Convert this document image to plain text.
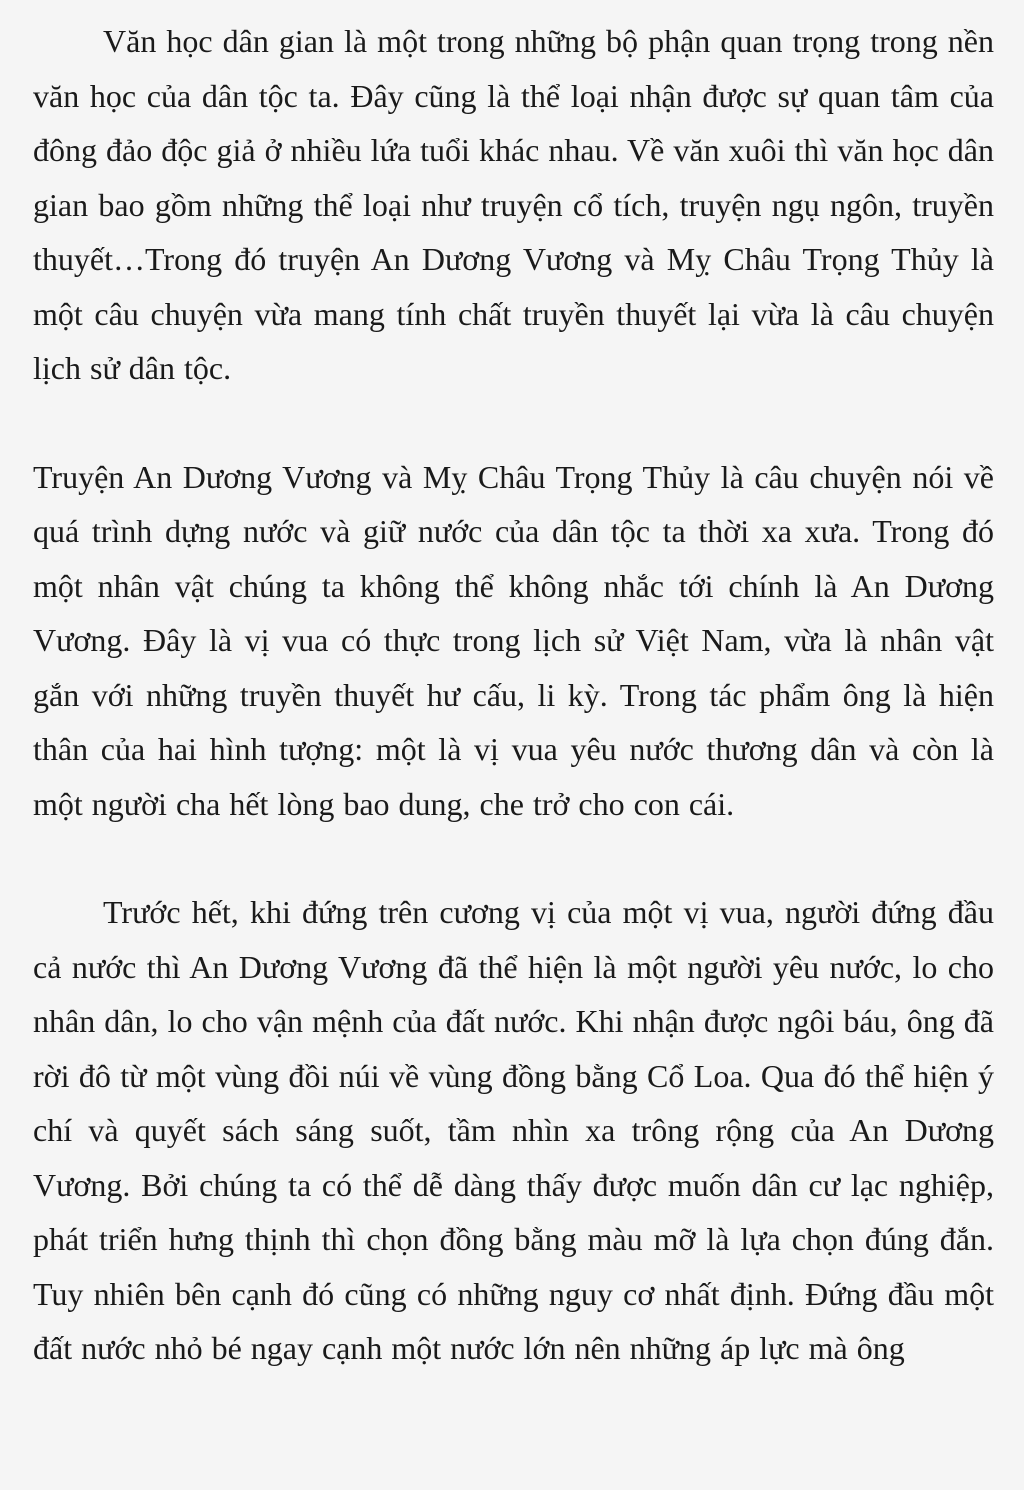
Văn học dân gian là một trong những bộ phận quan trọng trong nền văn học của dân tộc ta. Đây cũng là thể loại nhận được sự quan tâm của đông đảo độc giả ở nhiều lứa tuổi khác nhau. Về văn xuôi thì văn học dân gian bao gồm những thể loại như truyện cổ tích, truyện ngụ ngôn, truyền thuyết…Trong đó truyện An Dương Vương và Mỵ Châu Trọng Thủy là một câu chuyện vừa mang tính chất truyền thuyết lại vừa là câu chuyện lịch sử dân tộc.

Truyện An Dương Vương và Mỵ Châu Trọng Thủy là câu chuyện nói về quá trình dựng nước và giữ nước của dân tộc ta thời xa xưa. Trong đó một nhân vật chúng ta không thể không nhắc tới chính là An Dương Vương. Đây là vị vua có thực trong lịch sử Việt Nam, vừa là nhân vật gắn với những truyền thuyết hư cấu, li kỳ. Trong tác phẩm ông là hiện thân của hai hình tượng: một là vị vua yêu nước thương dân và còn là một người cha hết lòng bao dung, che trở cho con cái.

Trước hết, khi đứng trên cương vị của một vị vua, người đứng đầu cả nước thì An Dương Vương đã thể hiện là một người yêu nước, lo cho nhân dân, lo cho vận mệnh của đất nước. Khi nhận được ngôi báu, ông đã rời đô từ một vùng đồi núi về vùng đồng bằng Cổ Loa. Qua đó thể hiện ý chí và quyết sách sáng suốt, tầm nhìn xa trông rộng của An Dương Vương. Bởi chúng ta có thể dễ dàng thấy được muốn dân cư lạc nghiệp, phát triển hưng thịnh thì chọn đồng bằng màu mỡ là lựa chọn đúng đắn. Tuy nhiên bên cạnh đó cũng có những nguy cơ nhất định. Đứng đầu một đất nước nhỏ bé ngay cạnh một nước lớn nên những áp lực mà ông
